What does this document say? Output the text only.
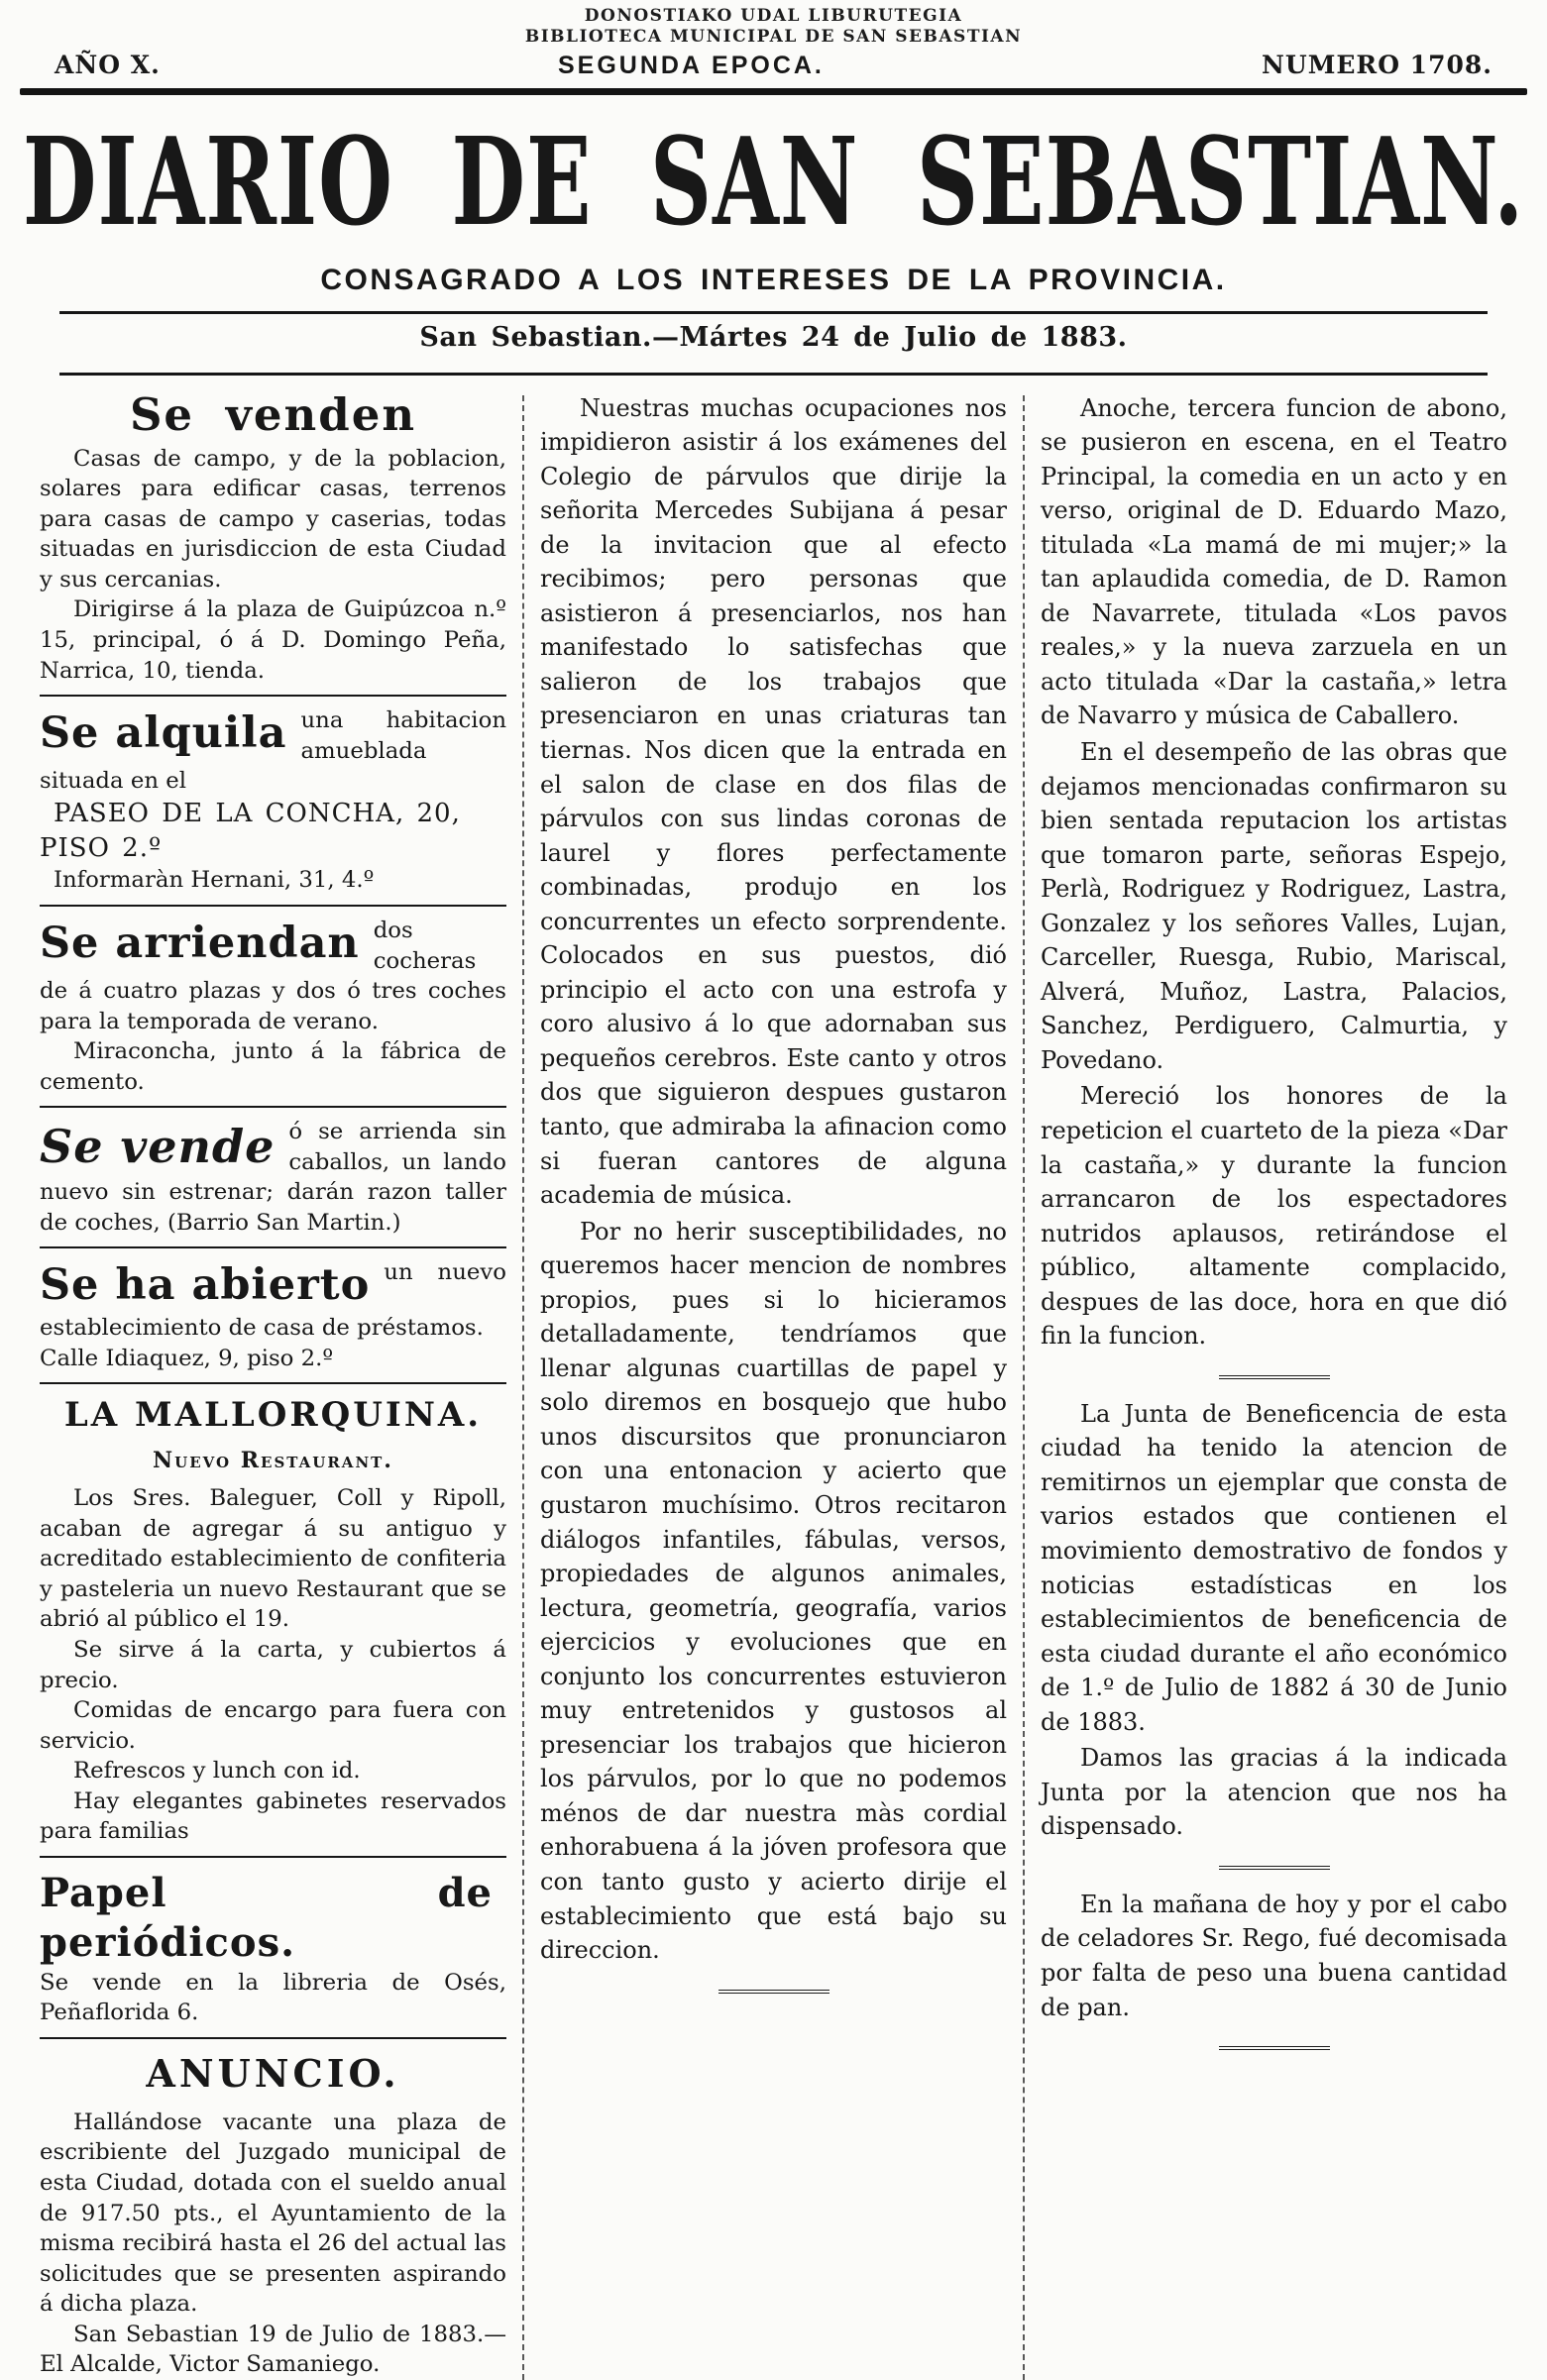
DONOSTIAKO UDAL LIBURUTEGIA
BIBLIOTECA MUNICIPAL DE SAN SEBASTIAN
AÑO X.	SEGUNDA EPOCA.	NUMERO 1708.
DIARIO DE SAN SEBASTIAN.
CONSAGRADO A LOS INTERESES DE LA PROVINCIA.
San Sebastian.—Mártes 24 de Julio de 1883.
Se venden

Casas de campo, y de la poblacion, solares para edificar casas, terrenos para casas de campo y caserias, todas situadas en jurisdiccion de esta Ciudad y sus cercanias.

Dirigirse á la plaza de Guipúzcoa n.º 15, principal, ó á D. Domingo Peña, Narrica, 10, tienda.

Se alquila una habitacion amueblada situada en el

PASEO DE LA CONCHA, 20, PISO 2.º

Informaràn Hernani, 31, 4.º

Se arriendan dos cocheras de á cuatro plazas y dos ó tres coches para la temporada de verano.

Miraconcha, junto á la fábrica de cemento.

Se vende ó se arrienda sin caballos, un lando nuevo sin estrenar; darán razon taller de coches, (Barrio San Martin.)

Se ha abierto un nuevo establecimiento de casa de préstamos.

Calle Idiaquez, 9, piso 2.º

LA MALLORQUINA.
Nuevo Restaurant.

Los Sres. Baleguer, Coll y Ripoll, acaban de agregar á su antiguo y acreditado establecimiento de confiteria y pasteleria un nuevo Restaurant que se abrió al público el 19.

Se sirve á la carta, y cubiertos á precio.

Comidas de encargo para fuera con servicio.

Refrescos y lunch con id.

Hay elegantes gabinetes reservados para familias

Papel de periódicos.
Se vende en la libreria de Osés, Peñaflorida 6.

ANUNCIO.

Hallándose vacante una plaza de escribiente del Juzgado municipal de esta Ciudad, dotada con el sueldo anual de 917.50 pts., el Ayuntamiento de la misma recibirá hasta el 26 del actual las solicitudes que se presenten aspirando á dicha plaza.

San Sebastian 19 de Julio de 1883.—El Alcalde, Victor Samaniego.

Nuestras muchas ocupaciones nos impidieron asistir á los exámenes del Colegio de párvulos que dirije la señorita Mercedes Subijana á pesar de la invitacion que al efecto recibimos; pero personas que asistieron á presenciarlos, nos han manifestado lo satisfechas que salieron de los trabajos que presenciaron en unas criaturas tan tiernas. Nos dicen que la entrada en el salon de clase en dos filas de párvulos con sus lindas coronas de laurel y flores perfectamente combinadas, produjo en los concurrentes un efecto sorprendente. Colocados en sus puestos, dió principio el acto con una estrofa y coro alusivo á lo que adornaban sus pequeños cerebros. Este canto y otros dos que siguieron despues gustaron tanto, que admiraba la afinacion como si fueran cantores de alguna academia de música.

Por no herir susceptibilidades, no queremos hacer mencion de nombres propios, pues si lo hicieramos detalladamente, tendríamos que llenar algunas cuartillas de papel y solo diremos en bosquejo que hubo unos discursitos que pronunciaron con una entonacion y acierto que gustaron muchísimo. Otros recitaron diálogos infantiles, fábulas, versos, propiedades de algunos animales, lectura, geometría, geografía, varios ejercicios y evoluciones que en conjunto los concurrentes estuvieron muy entretenidos y gustosos al presenciar los trabajos que hicieron los párvulos, por lo que no podemos ménos de dar nuestra màs cordial enhorabuena á la jóven profesora que con tanto gusto y acierto dirije el establecimiento que está bajo su direccion.

Anoche, tercera funcion de abono, se pusieron en escena, en el Teatro Principal, la comedia en un acto y en verso, original de D. Eduardo Mazo, titulada «La mamá de mi mujer;» la tan aplaudida comedia, de D. Ramon de Navarrete, titulada «Los pavos reales,» y la nueva zarzuela en un acto titulada «Dar la castaña,» letra de Navarro y música de Caballero.

En el desempeño de las obras que dejamos mencionadas confirmaron su bien sentada reputacion los artistas que tomaron parte, señoras Espejo, Perlà, Rodriguez y Rodriguez, Lastra, Gonzalez y los señores Valles, Lujan, Carceller, Ruesga, Rubio, Mariscal, Alverá, Muñoz, Lastra, Palacios, Sanchez, Perdiguero, Calmurtia, y Povedano.

Mereció los honores de la repeticion el cuarteto de la pieza «Dar la castaña,» y durante la funcion arrancaron de los espectadores nutridos aplausos, retirándose el público, altamente complacido, despues de las doce, hora en que dió fin la funcion.

La Junta de Beneficencia de esta ciudad ha tenido la atencion de remitirnos un ejemplar que consta de varios estados que contienen el movimiento demostrativo de fondos y noticias estadísticas en los establecimientos de beneficencia de esta ciudad durante el año económico de 1.º de Julio de 1882 á 30 de Junio de 1883.

Damos las gracias á la indicada Junta por la atencion que nos ha dispensado.

En la mañana de hoy y por el cabo de celadores Sr. Rego, fué decomisada por falta de peso una buena cantidad de pan.
